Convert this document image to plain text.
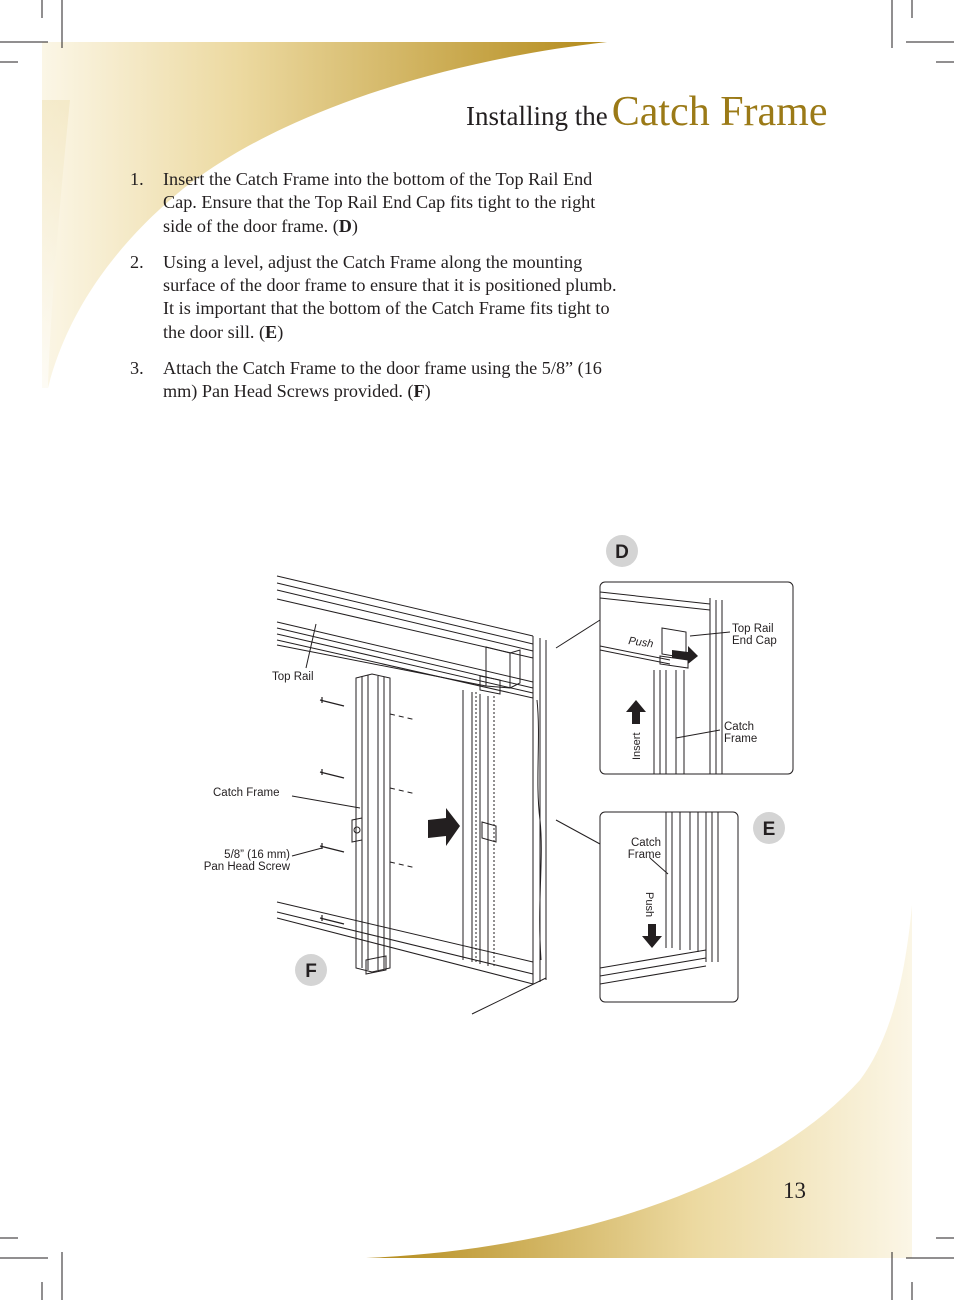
Installing the Catch Frame
1. Insert the Catch Frame into the bottom of the Top Rail End Cap. Ensure that the Top Rail End Cap fits tight to the right side of the door frame. (D)
2. Using a level, adjust the Catch Frame along the mounting surface of the door frame to ensure that it is positioned plumb. It is important that the bottom of the Catch Frame fits tight to the door sill. (E)
3. Attach the Catch Frame to the door frame using the 5/8” (16 mm) Pan Head Screws provided. (F)
D
E
F
Top Rail
Catch Frame
5/8” (16 mm)
Pan Head Screw
Push
Insert
Top Rail
End Cap
Catch
Frame
Catch
Frame
Push
13
